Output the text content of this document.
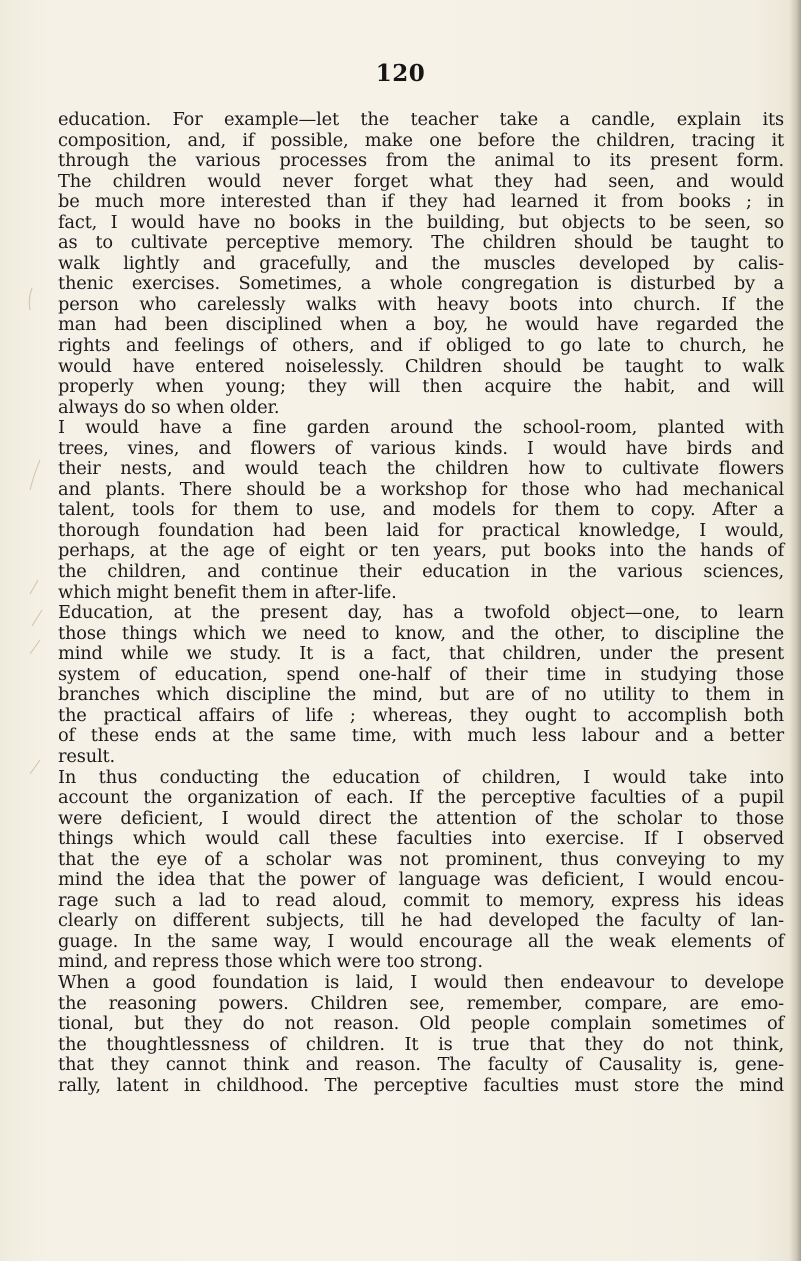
120
education. For example—let the teacher take a candle, explain its
composition, and, if possible, make one before the children, tracing it
through the various processes from the animal to its present form.
The children would never forget what they had seen, and would
be much more interested than if they had learned it from books ; in
fact, I would have no books in the building, but objects to be seen, so
as to cultivate perceptive memory. The children should be taught to
walk lightly and gracefully, and the muscles developed by calis-
thenic exercises. Sometimes, a whole congregation is disturbed by a
person who carelessly walks with heavy boots into church. If the
man had been disciplined when a boy, he would have regarded the
rights and feelings of others, and if obliged to go late to church, he
would have entered noiselessly. Children should be taught to walk
properly when young; they will then acquire the habit, and will
always do so when older.
I would have a fine garden around the school-room, planted with
trees, vines, and flowers of various kinds. I would have birds and
their nests, and would teach the children how to cultivate flowers
and plants. There should be a workshop for those who had mechanical
talent, tools for them to use, and models for them to copy. After a
thorough foundation had been laid for practical knowledge, I would,
perhaps, at the age of eight or ten years, put books into the hands of
the children, and continue their education in the various sciences,
which might benefit them in after-life.
Education, at the present day, has a twofold object—one, to learn
those things which we need to know, and the other, to discipline the
mind while we study. It is a fact, that children, under the present
system of education, spend one-half of their time in studying those
branches which discipline the mind, but are of no utility to them in
the practical affairs of life ; whereas, they ought to accomplish both
of these ends at the same time, with much less labour and a better
result.
In thus conducting the education of children, I would take into
account the organization of each. If the perceptive faculties of a pupil
were deficient, I would direct the attention of the scholar to those
things which would call these faculties into exercise. If I observed
that the eye of a scholar was not prominent, thus conveying to my
mind the idea that the power of language was deficient, I would encou-
rage such a lad to read aloud, commit to memory, express his ideas
clearly on different subjects, till he had developed the faculty of lan-
guage. In the same way, I would encourage all the weak elements of
mind, and repress those which were too strong.
When a good foundation is laid, I would then endeavour to develope
the reasoning powers. Children see, remember, compare, are emo-
tional, but they do not reason. Old people complain sometimes of
the thoughtlessness of children. It is true that they do not think,
that they cannot think and reason. The faculty of Causality is, gene-
rally, latent in childhood. The perceptive faculties must store the mind
